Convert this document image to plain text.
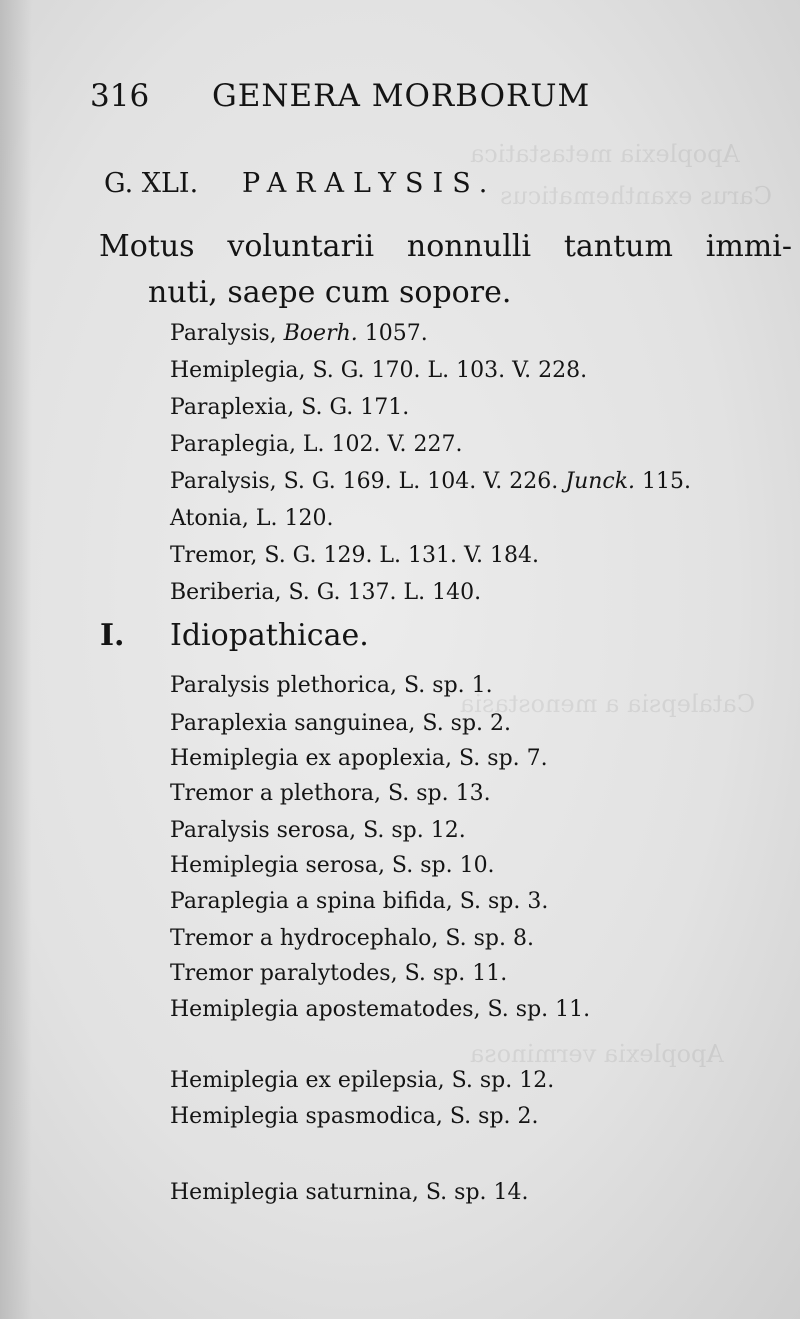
Apoplexia metastatica
Carus exanthematicus
Catalepsia a menostasia
Apoplexia verminosa
316 GENERA MORBORUM
G. XLI. PARALYSIS.
Motus voluntarii nonnulli tantum immi-
nuti, saepe cum sopore.
Paralysis, Boerh. 1057.
Hemiplegia, S. G. 170. L. 103. V. 228.
Paraplexia, S. G. 171.
Paraplegia, L. 102. V. 227.
Paralysis, S. G. 169. L. 104. V. 226. Junck. 115.
Atonia, L. 120.
Tremor, S. G. 129. L. 131. V. 184.
Beriberia, S. G. 137. L. 140.
I. Idiopathicae.
Paralysis plethorica, S. sp. 1.
Paraplexia sanguinea, S. sp. 2.
Hemiplegia ex apoplexia, S. sp. 7.
Tremor a plethora, S. sp. 13.
Paralysis serosa, S. sp. 12.
Hemiplegia serosa, S. sp. 10.
Paraplegia a spina bifida, S. sp. 3.
Tremor a hydrocephalo, S. sp. 8.
Tremor paralytodes, S. sp. 11.
Hemiplegia apostematodes, S. sp. 11.
Hemiplegia ex epilepsia, S. sp. 12.
Hemiplegia spasmodica, S. sp. 2.
Hemiplegia saturnina, S. sp. 14.
